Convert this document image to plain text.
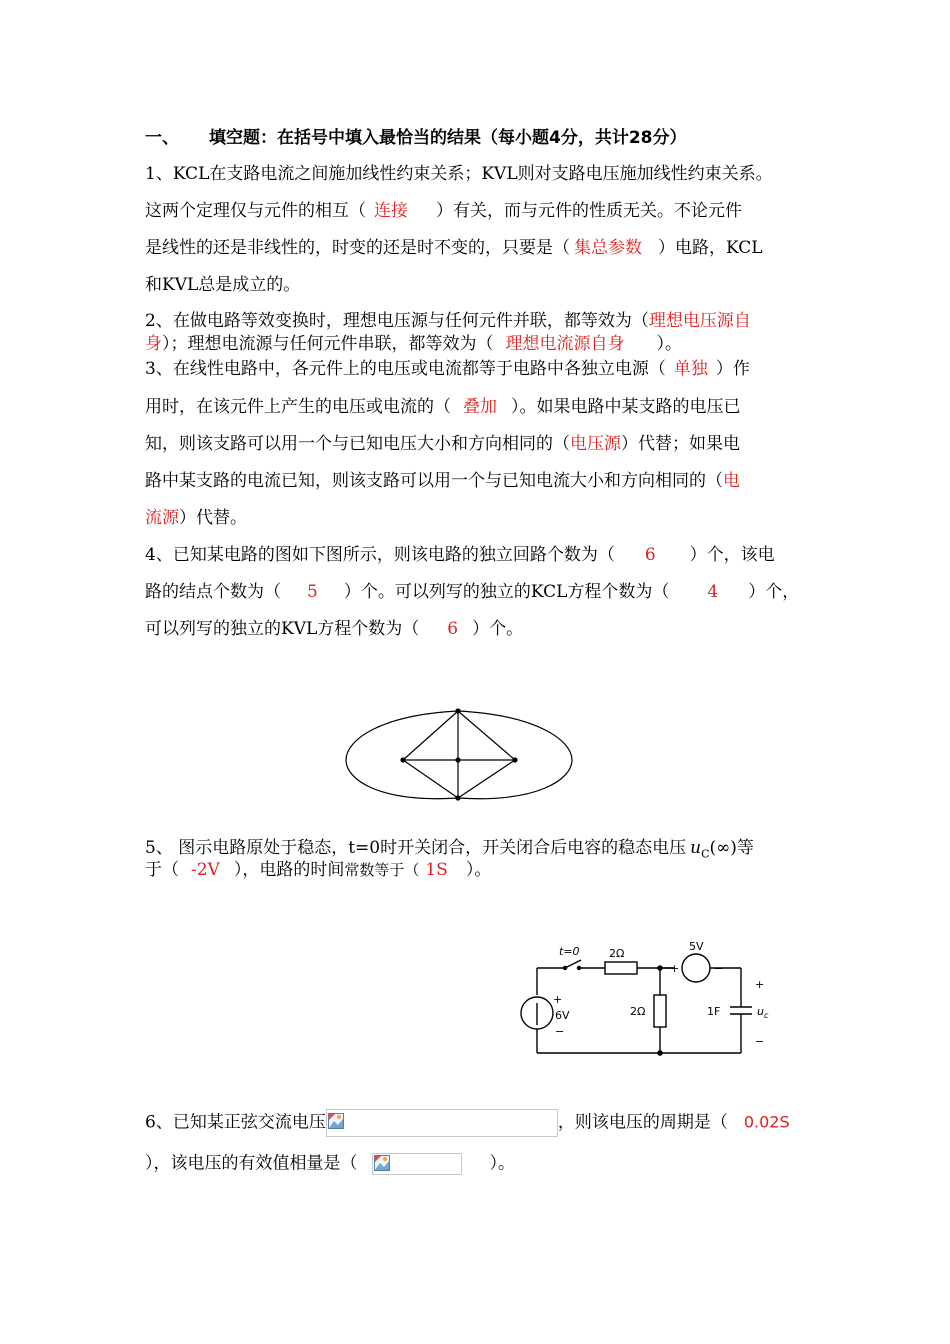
一、 填空题：在括号中填入最恰当的结果（每小题4分，共计28分）
1、KCL在支路电流之间施加线性约束关系；KVL则对支路电压施加线性约束关系。
这两个定理仅与元件的相互（ 连接 ）有关，而与元件的性质无关。不论元件
是线性的还是非线性的，时变的还是时不变的，只要是（ 集总参数 ）电路，KCL
和KVL总是成立的。
2、在做电路等效变换时，理想电压源与任何元件并联，都等效为（理想电压源自
身）；理想电流源与任何元件串联，都等效为（ 理想电流源自身 ）。
3、在线性电路中，各元件上的电压或电流都等于电路中各独立电源（ 单独 ）作
用时，在该元件上产生的电压或电流的（ 叠加 ）。如果电路中某支路的电压已
知，则该支路可以用一个与已知电压大小和方向相同的（电压源）代替；如果电
路中某支路的电流已知，则该支路可以用一个与已知电流大小和方向相同的（电
流源）代替。
4、已知某电路的图如下图所示，则该电路的独立回路个数为（ 6 ）个，该电
路的结点个数为（ 5 ）个。可以列写的独立的KCL方程个数为（ 4 ）个，
可以列写的独立的KVL方程个数为（ 6 ）个。
5、 图示电路原处于稳态，t=0时开关闭合，开关闭合后电容的稳态电压 $u_C(\infty)$等
于（ -2V ），电路的时间常数等于（ 1S ）。
t=0	2Ω
5V
+	−
2Ω	1F
+
−
$u_c$
+
6V
−
6、已知某正弦交流电压	，则该电压的周期是（ 0.02S
），该电压的有效值相量是（	）。
